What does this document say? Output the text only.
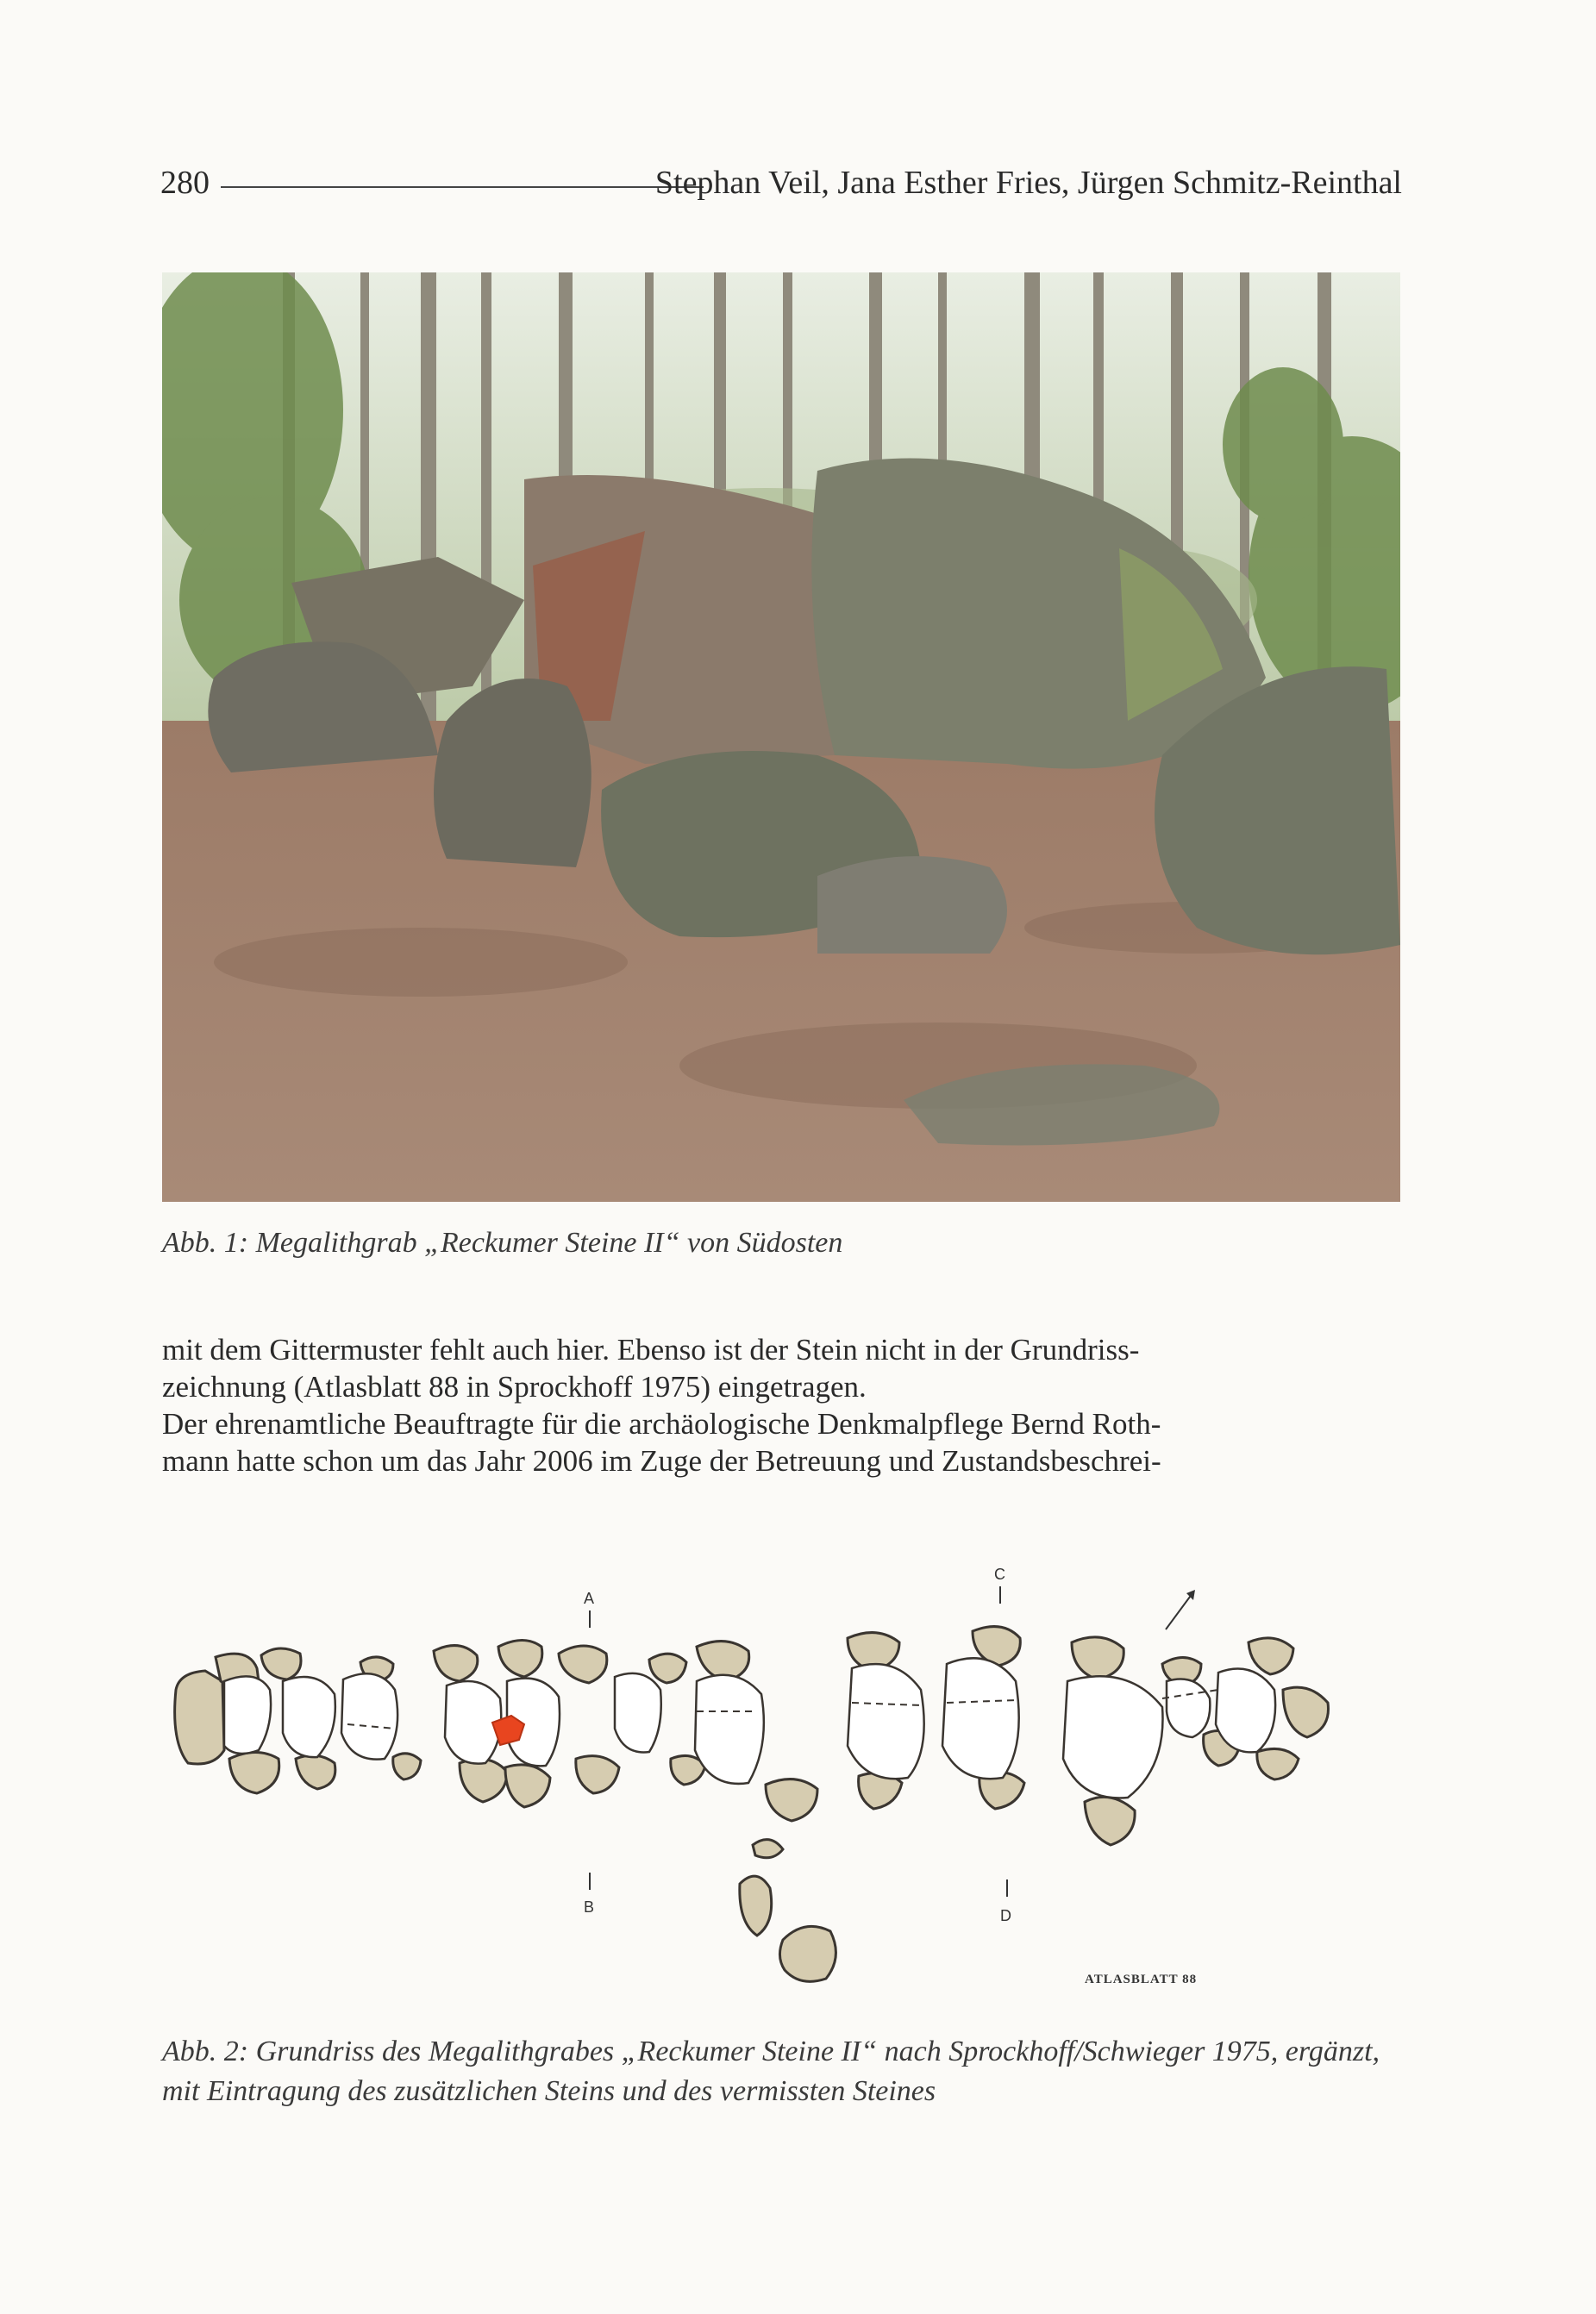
280	Stephan Veil, Jana Esther Fries, Jürgen Schmitz-Reinthal
Abb. 1: Megalithgrab „Reckumer Steine II“ von Südosten

mit dem Gittermuster fehlt auch hier. Ebenso ist der Stein nicht in der Grundriss-

zeichnung (Atlasblatt 88 in Sprockhoff 1975) eingetragen.

Der ehrenamtliche Beauftragte für die archäologische Denkmalpflege Bernd Roth-

mann hatte schon um das Jahr 2006 im Zuge der Betreuung und Zustandsbeschrei-

A
B
C
D
ATLASBLATT 88
Abb. 2: Grundriss des Megalithgrabes „Reckumer Steine II“ nach Sprockhoff/Schwieger 1975, ergänzt, mit Eintragung des zusätzlichen Steins und des vermissten Steines
